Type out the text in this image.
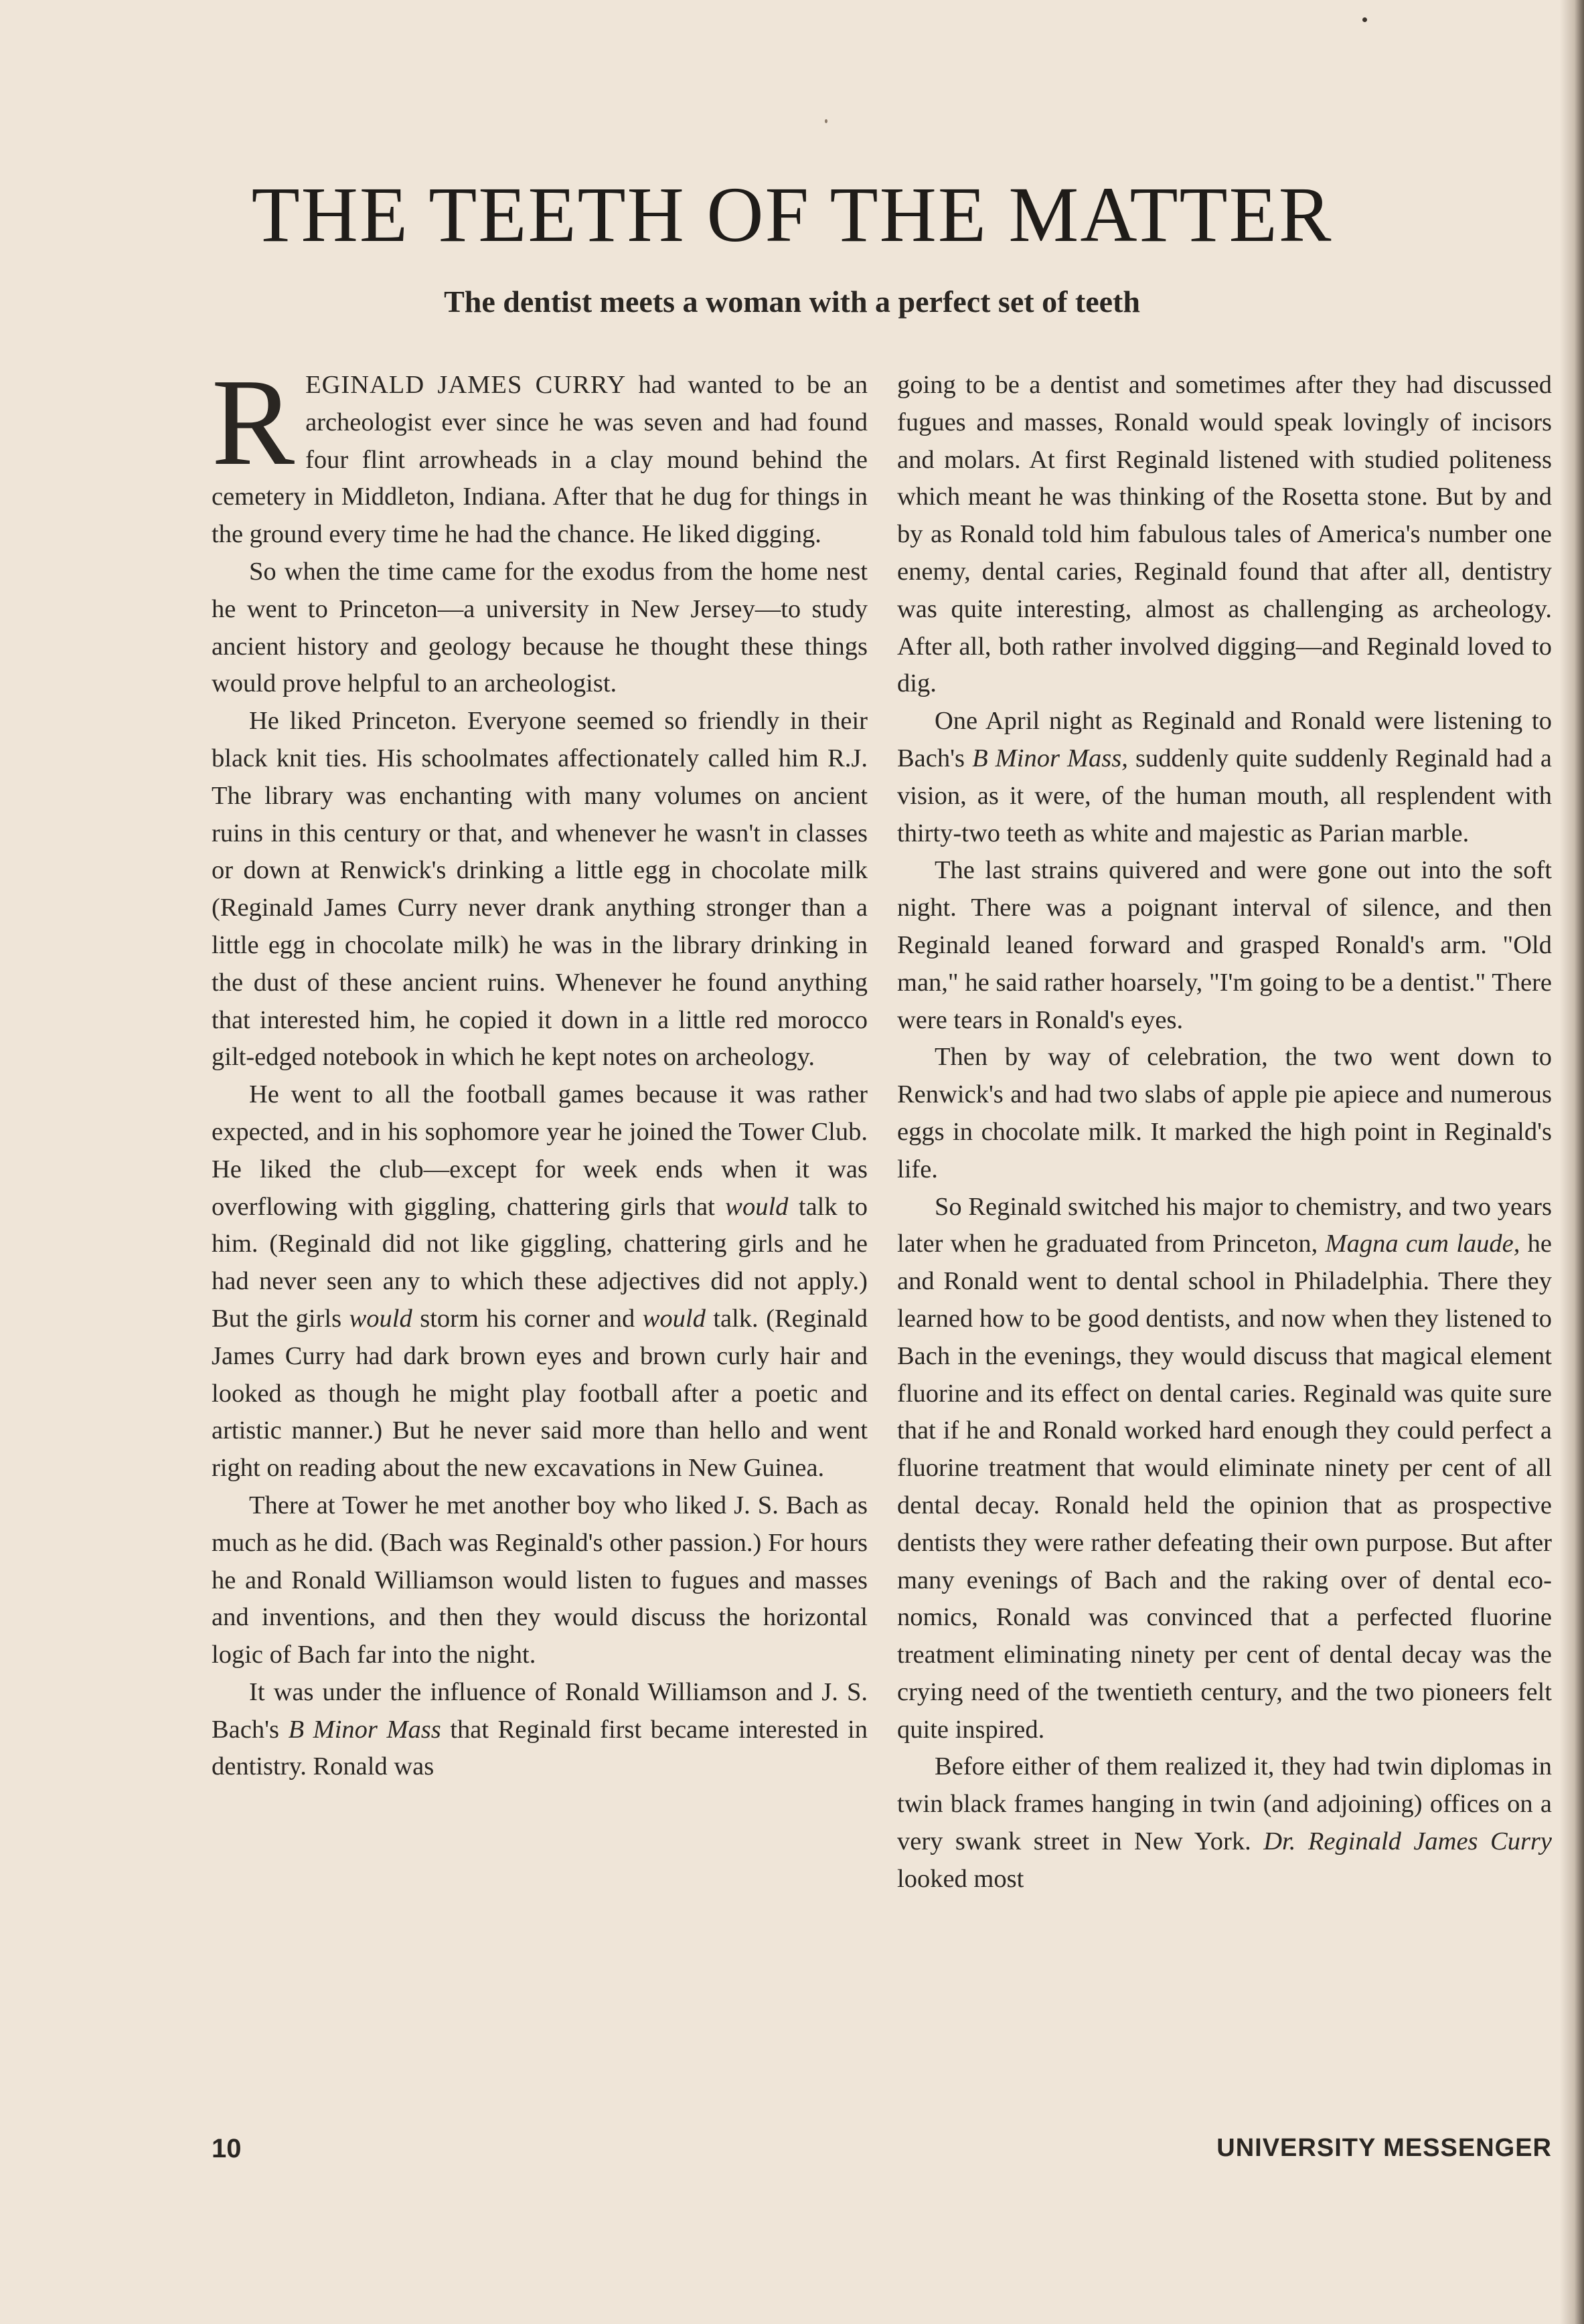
THE TEETH OF THE MATTER
The dentist meets a woman with a perfect set of teeth

REGINALD JAMES CURRY had wanted to be an archeologist ever since he was seven and had found four flint arrowheads in a clay mound behind the cemetery in Middleton, Indiana. After that he dug for things in the ground every time he had the chance. He liked digging.

So when the time came for the exodus from the home nest he went to Princeton—a university in New Jersey—to study ancient history and geology because he thought these things would prove helpful to an archeologist.

He liked Princeton. Everyone seemed so friendly in their black knit ties. His schoolmates affectionately called him R.J. The library was enchanting with many volumes on ancient ruins in this century or that, and whenever he wasn't in classes or down at Renwick's drinking a little egg in chocolate milk (Reginald James Curry never drank anything stronger than a little egg in chocolate milk) he was in the library drinking in the dust of these ancient ruins. Whenever he found anything that interested him, he copied it down in a little red morocco gilt-edged notebook in which he kept notes on archeology.

He went to all the football games because it was rather expected, and in his sophomore year he joined the Tower Club. He liked the club—except for week ends when it was overflowing with giggling, chattering girls that would talk to him. (Reginald did not like giggling, chattering girls and he had never seen any to which these adjectives did not apply.) But the girls would storm his corner and would talk. (Reginald James Curry had dark brown eyes and brown curly hair and looked as though he might play football after a poetic and artistic manner.) But he never said more than hello and went right on reading about the new excavations in New Guinea.

There at Tower he met another boy who liked J. S. Bach as much as he did. (Bach was Reginald's other passion.) For hours he and Ronald Williamson would listen to fugues and masses and inventions, and then they would discuss the horizontal logic of Bach far into the night.

It was under the influence of Ronald Williamson and J. S. Bach's B Minor Mass that Reginald first became interested in dentistry. Ronald was

going to be a dentist and sometimes after they had discussed fugues and masses, Ronald would speak lovingly of incisors and molars. At first Reginald listened with studied politeness which meant he was thinking of the Rosetta stone. But by and by as Ronald told him fabulous tales of America's number one enemy, dental caries, Reginald found that after all, dentistry was quite interesting, almost as challenging as archeology. After all, both rather involved digging—and Reginald loved to dig.

One April night as Reginald and Ronald were listening to Bach's B Minor Mass, suddenly quite suddenly Reginald had a vision, as it were, of the human mouth, all resplendent with thirty-two teeth as white and majestic as Parian marble.

The last strains quivered and were gone out into the soft night. There was a poignant interval of silence, and then Reginald leaned forward and grasped Ronald's arm. "Old man," he said rather hoarsely, "I'm going to be a dentist." There were tears in Ronald's eyes.

Then by way of celebration, the two went down to Renwick's and had two slabs of apple pie apiece and numerous eggs in chocolate milk. It marked the high point in Reginald's life.

So Reginald switched his major to chemistry, and two years later when he graduated from Princeton, Magna cum laude, he and Ronald went to dental school in Philadelphia. There they learned how to be good dentists, and now when they listened to Bach in the evenings, they would discuss that magical element fluorine and its effect on dental caries. Reginald was quite sure that if he and Ronald worked hard enough they could perfect a fluorine treatment that would eliminate ninety per cent of all dental decay. Ronald held the opinion that as prospective dentists they were rather defeating their own purpose. But after many evenings of Bach and the raking over of dental economics, Ronald was convinced that a perfected fluorine treatment eliminating ninety per cent of dental decay was the crying need of the twentieth century, and the two pioneers felt quite inspired.

Before either of them realized it, they had twin diplomas in twin black frames hanging in twin (and adjoining) offices on a very swank street in New York. Dr. Reginald James Curry looked most

10	UNIVERSITY MESSENGER
